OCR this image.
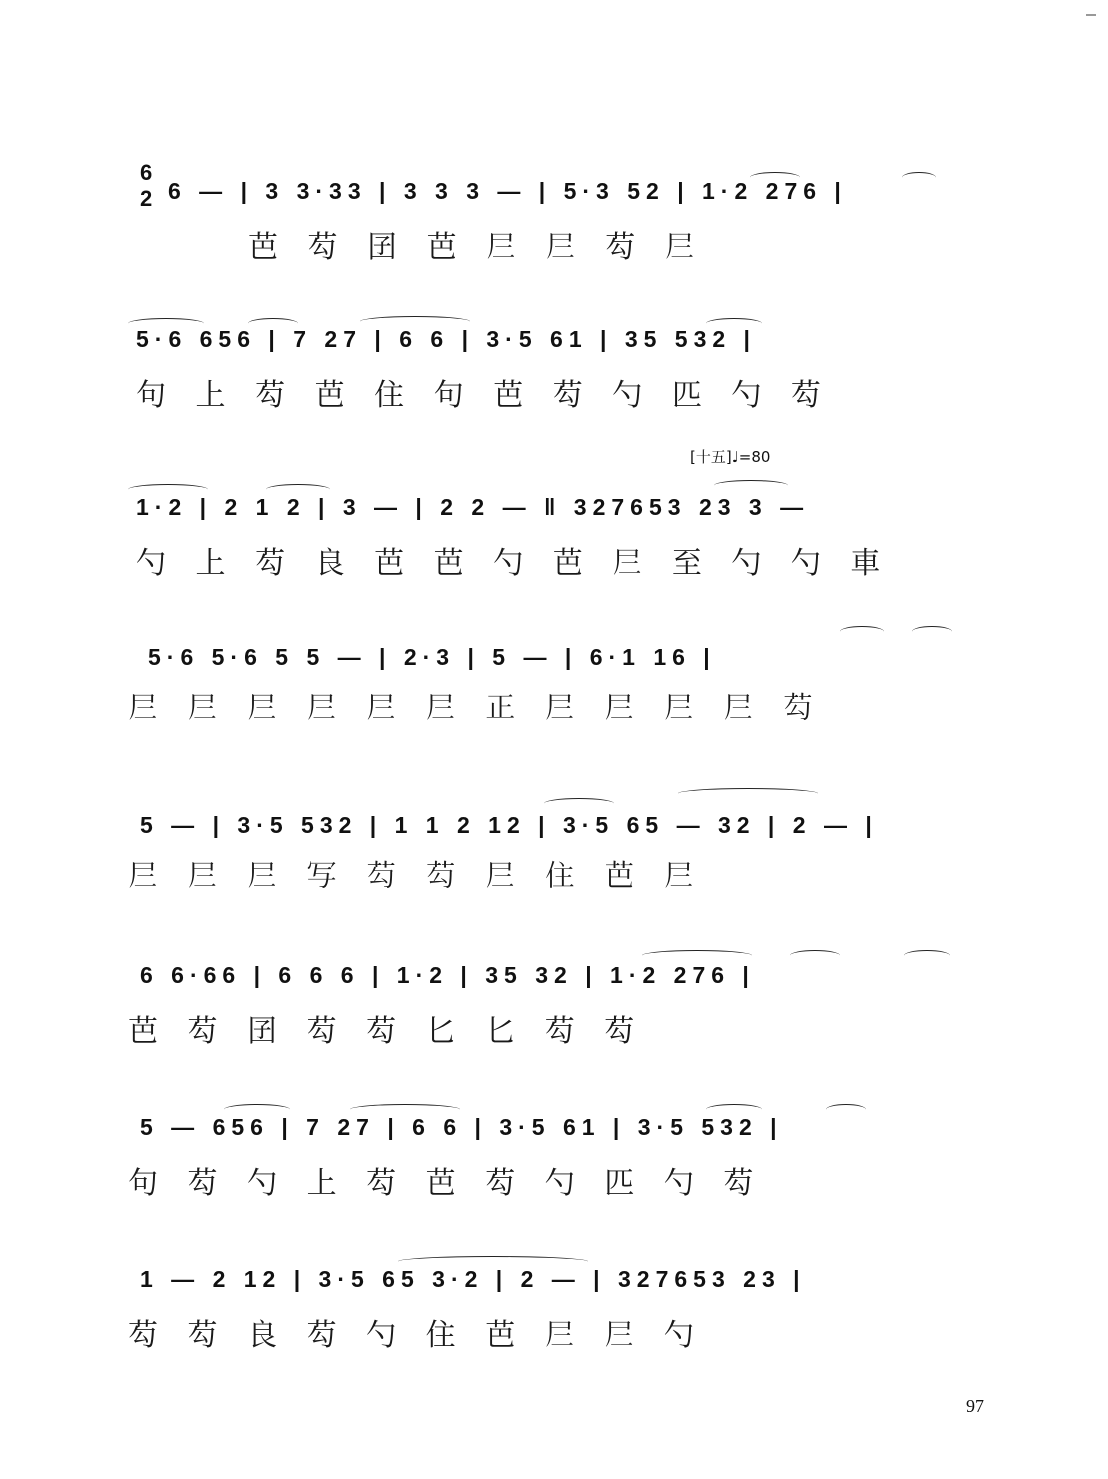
6
2 6 — | 3 3·33 | 3 3 3 — | 5·3 52 | 1·2 276 |
芭 芶 囝 芭 𡰥 𡰥 芶 𡰥
5·6 656 | 7 27 | 6 6 | 3·5 61 | 35 532 |
句 上 芶 芭 住 句 芭 芶 勺 匹 勺 芶
1·2 | 2 1 2 | 3 — | 2 2 — ‖ 327653 23 3 —
勺 上 芶 良 芭 芭 勺 芭 𡰥 至 勺 勺 車
[十五]♩=80
5·6 5·6 5 5 — | 2·3 | 5 — | 6·1 16 |
𡰥 𡰥 𡰥 𡰥 𡰥 𡰥 正 𡰥 𡰥 𡰥 𡰥 芶
5 — | 3·5 532 | 1 1 2 12 | 3·5 65 — 32 | 2 — |
𡰥 𡰥 𡰥 写 芶 芶 𡰥 住 芭 𡰥
6 6·66 | 6 6 6 | 1·2 | 35 32 | 1·2 276 |
芭 芶 囝 芶 芶 匕 匕 芶 芶
5 — 656 | 7 27 | 6 6 | 3·5 61 | 3·5 532 |
句 芶 勺 上 芶 芭 芶 勺 匹 勺 芶
1 — 2 12 | 3·5 65 3·2 | 2 — | 327653 23 |
芶 芶 良 芶 勺 住 芭 𡰥 𡰥 勺
97
